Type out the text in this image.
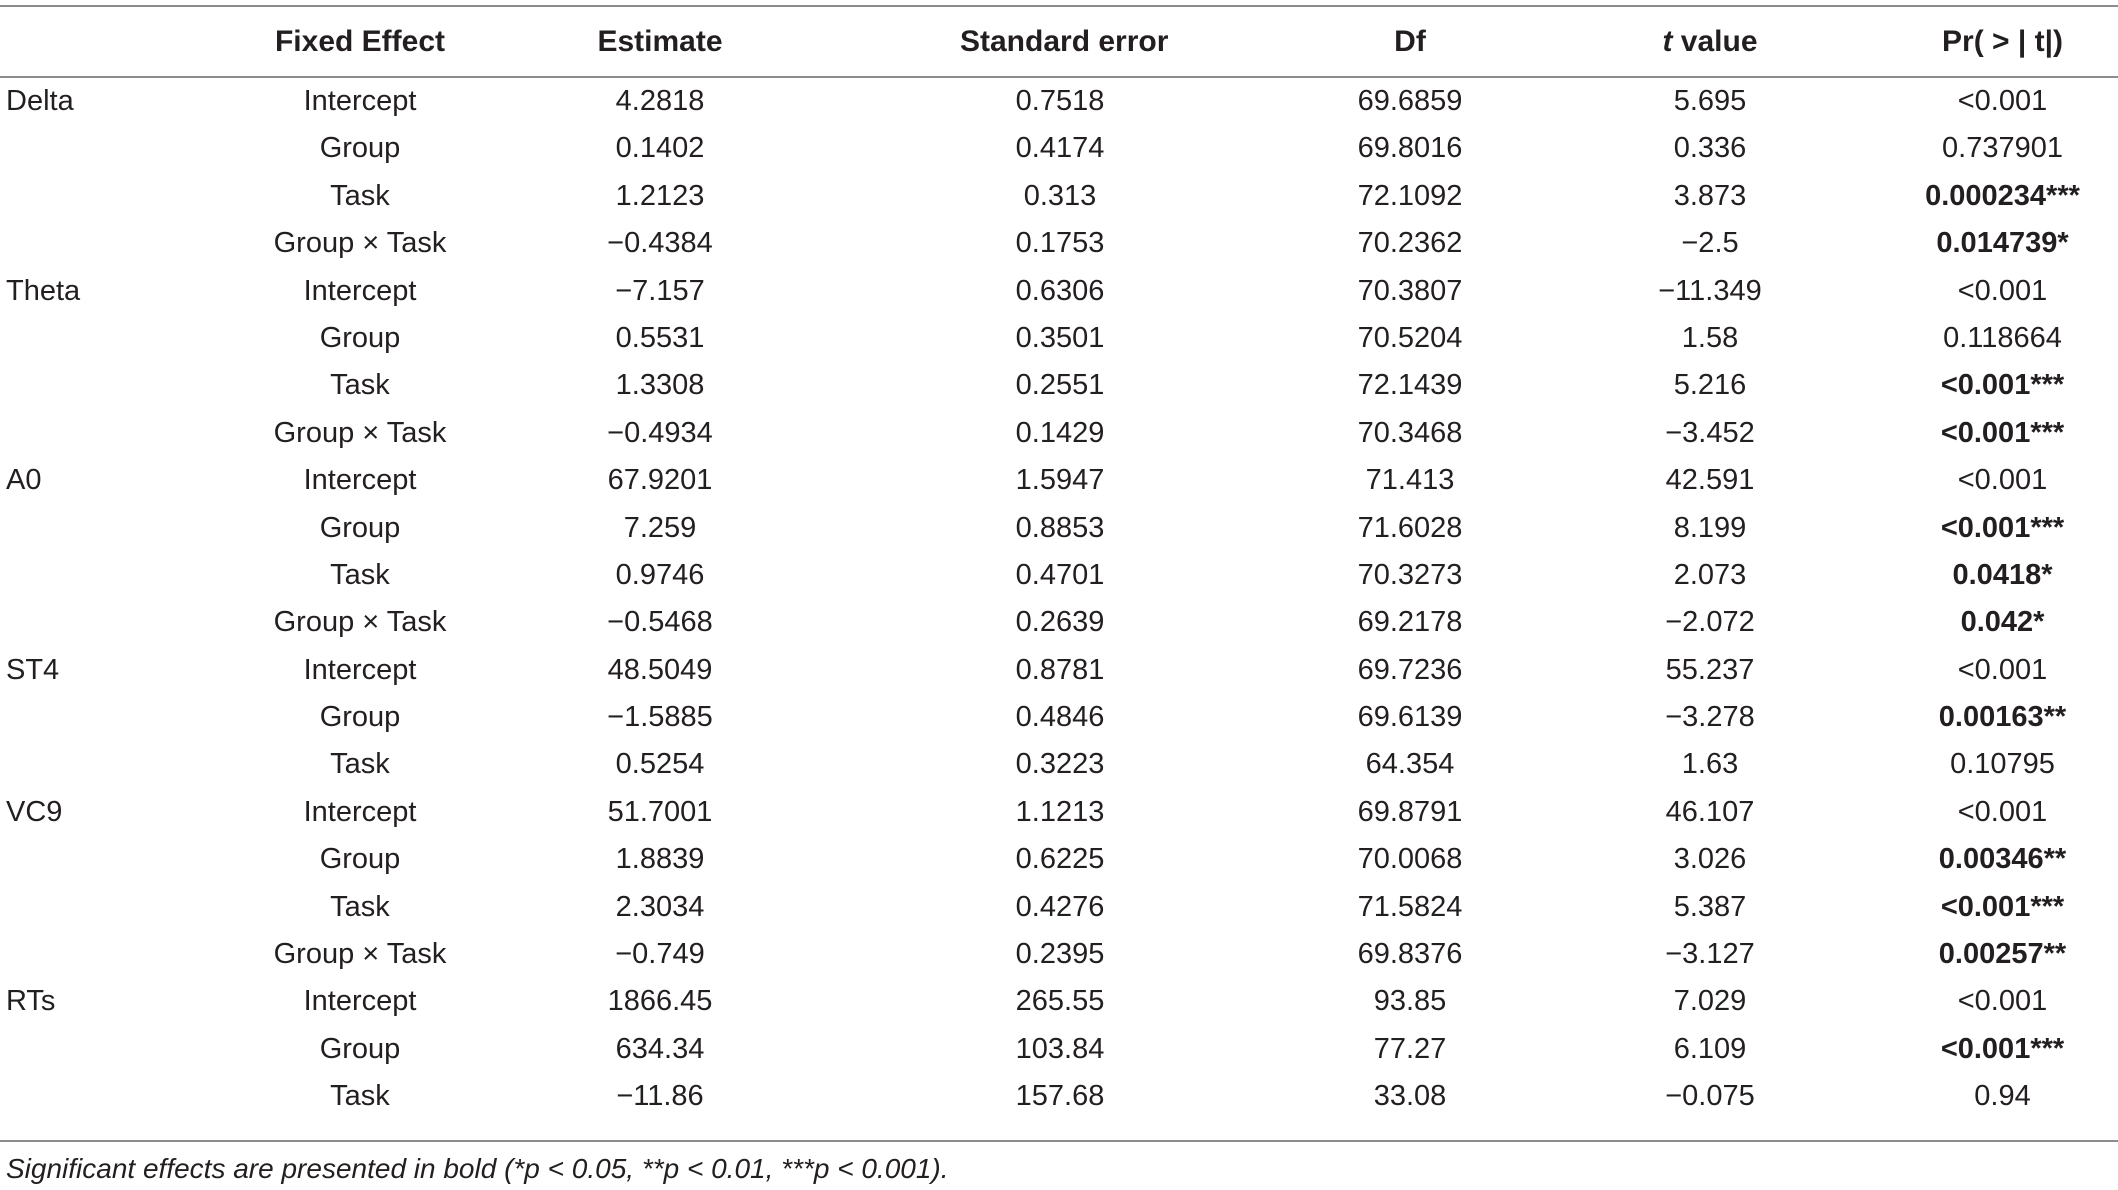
Fixed Effect	Estimate	Standard error	Df	t value	Pr( > | t|)
Delta	Intercept	4.2818	0.7518	69.6859	5.695	<0.001
Group	0.1402	0.4174	69.8016	0.336	0.737901
Task	1.2123	0.313	72.1092	3.873	0.000234***
Group × Task	−0.4384	0.1753	70.2362	−2.5	0.014739*
Theta	Intercept	−7.157	0.6306	70.3807	−11.349	<0.001
Group	0.5531	0.3501	70.5204	1.58	0.118664
Task	1.3308	0.2551	72.1439	5.216	<0.001***
Group × Task	−0.4934	0.1429	70.3468	−3.452	<0.001***
A0	Intercept	67.9201	1.5947	71.413	42.591	<0.001
Group	7.259	0.8853	71.6028	8.199	<0.001***
Task	0.9746	0.4701	70.3273	2.073	0.0418*
Group × Task	−0.5468	0.2639	69.2178	−2.072	0.042*
ST4	Intercept	48.5049	0.8781	69.7236	55.237	<0.001
Group	−1.5885	0.4846	69.6139	−3.278	0.00163**
Task	0.5254	0.3223	64.354	1.63	0.10795
VC9	Intercept	51.7001	1.1213	69.8791	46.107	<0.001
Group	1.8839	0.6225	70.0068	3.026	0.00346**
Task	2.3034	0.4276	71.5824	5.387	<0.001***
Group × Task	−0.749	0.2395	69.8376	−3.127	0.00257**
RTs	Intercept	1866.45	265.55	93.85	7.029	<0.001
Group	634.34	103.84	77.27	6.109	<0.001***
Task	−11.86	157.68	33.08	−0.075	0.94
Significant effects are presented in bold (*p < 0.05, **p < 0.01, ***p < 0.001).
